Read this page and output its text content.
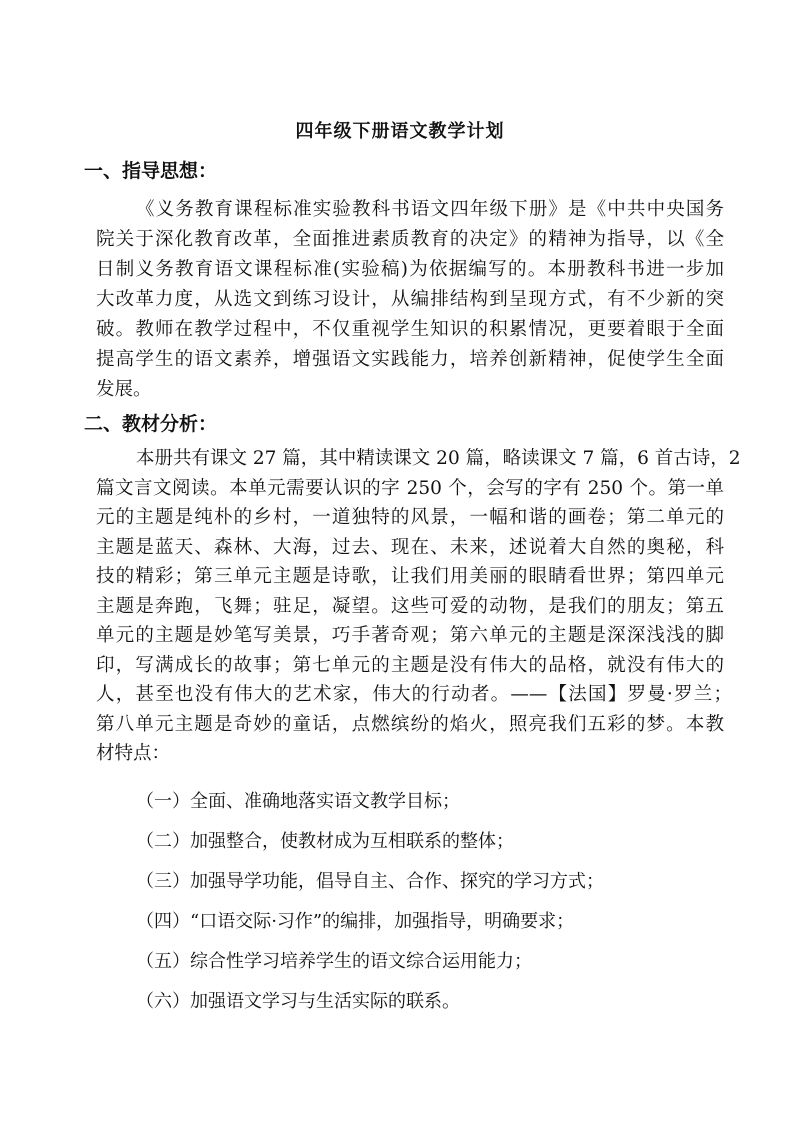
四年级下册语文教学计划
一、指导思想：
《义务教育课程标准实验教科书语文四年级下册》是《中共中央国务
院关于深化教育改革，全面推进素质教育的决定》的精神为指导，以《全
日制义务教育语文课程标准(实验稿)为依据编写的。本册教科书进一步加
大改革力度，从选文到练习设计，从编排结构到呈现方式，有不少新的突
破。教师在教学过程中，不仅重视学生知识的积累情况，更要着眼于全面
提高学生的语文素养，增强语文实践能力，培养创新精神，促使学生全面
发展。
二、教材分析：
本册共有课文 27 篇，其中精读课文 20 篇，略读课文 7 篇，6 首古诗，2
篇文言文阅读。本单元需要认识的字 250 个，会写的字有 250 个。第一单
元的主题是纯朴的乡村，一道独特的风景，一幅和谐的画卷；第二单元的
主题是蓝天、森林、大海，过去、现在、未来，述说着大自然的奥秘，科
技的精彩；第三单元主题是诗歌，让我们用美丽的眼睛看世界；第四单元
主题是奔跑，飞舞；驻足，凝望。这些可爱的动物，是我们的朋友；第五
单元的主题是妙笔写美景，巧手著奇观；第六单元的主题是深深浅浅的脚
印，写满成长的故事；第七单元的主题是没有伟大的品格，就没有伟大的
人，甚至也没有伟大的艺术家，伟大的行动者。——【法国】罗曼·罗兰；
第八单元主题是奇妙的童话，点燃缤纷的焰火，照亮我们五彩的梦。本教
材特点：
（一）全面、准确地落实语文教学目标；
（二）加强整合，使教材成为互相联系的整体；
（三）加强导学功能，倡导自主、合作、探究的学习方式；
（四）“口语交际·习作”的编排，加强指导，明确要求；
（五）综合性学习培养学生的语文综合运用能力；
（六）加强语文学习与生活实际的联系。
